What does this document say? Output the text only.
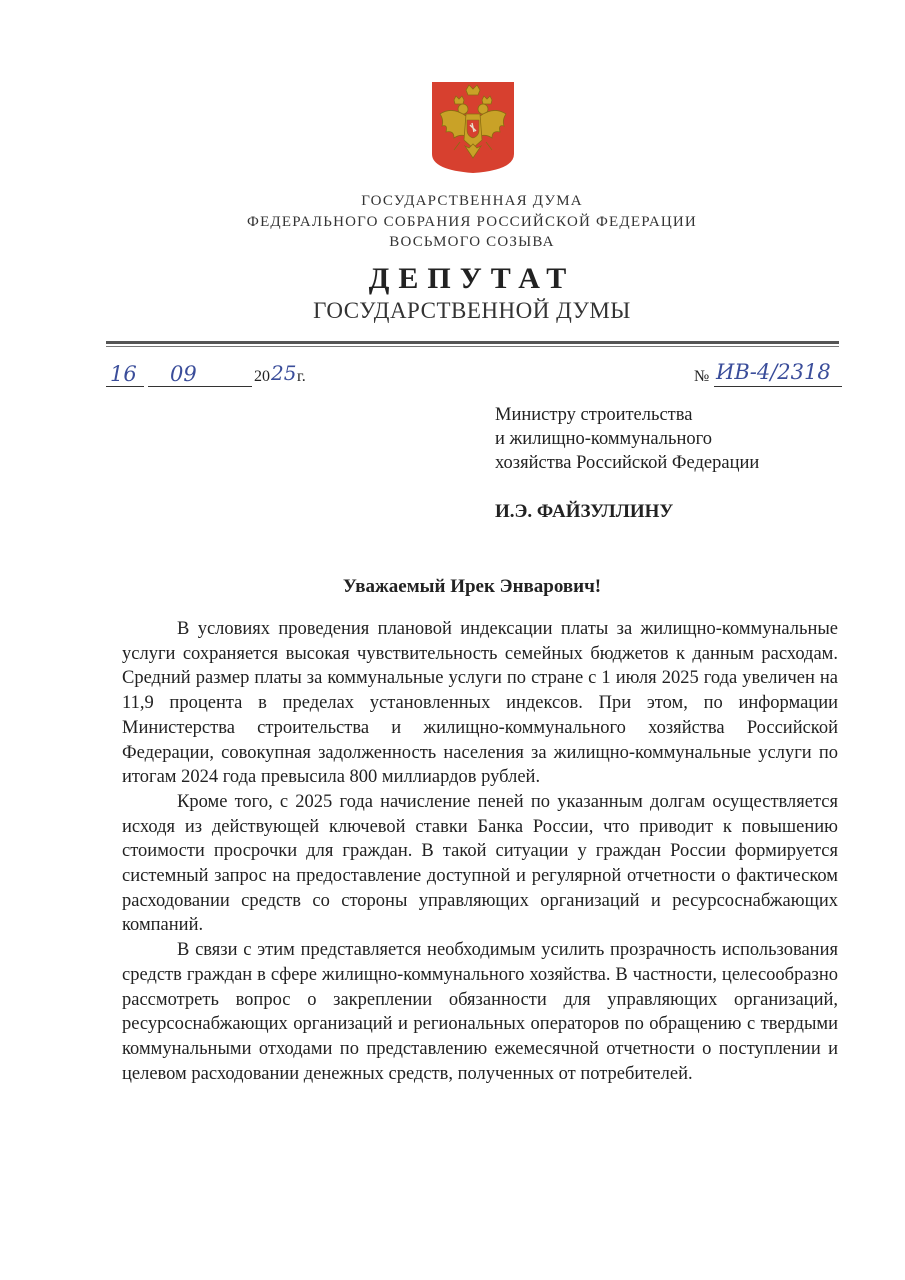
ГОСУДАРСТВЕННАЯ ДУМА
ФЕДЕРАЛЬНОГО СОБРАНИЯ РОССИЙСКОЙ ФЕДЕРАЦИИ
ВОСЬМОГО СОЗЫВА
ДЕПУТАТ
ГОСУДАРСТВЕННОЙ ДУМЫ
16 09	20 25 г.	№ ИВ-4/2318
Министру строительства
и жилищно-коммунального
хозяйства Российской Федерации
И.Э. ФАЙЗУЛЛИНУ
Уважаемый Ирек Энварович!

В условиях проведения плановой индексации платы за жилищно-коммунальные услуги сохраняется высокая чувствительность семейных бюджетов к данным расходам. Средний размер платы за коммунальные услуги по стране с 1 июля 2025 года увеличен на 11,9 процента в пределах установленных индексов. При этом, по информации Министерства строительства и жилищно-коммунального хозяйства Российской Федерации, совокупная задолженность населения за жилищно-коммунальные услуги по итогам 2024 года превысила 800 миллиардов рублей.

Кроме того, с 2025 года начисление пеней по указанным долгам осуществляется исходя из действующей ключевой ставки Банка России, что приводит к повышению стоимости просрочки для граждан. В такой ситуации у граждан России формируется системный запрос на предоставление доступной и регулярной отчетности о фактическом расходовании средств со стороны управляющих организаций и ресурсоснабжающих компаний.

В связи с этим представляется необходимым усилить прозрачность использования средств граждан в сфере жилищно-коммунального хозяйства. В частности, целесообразно рассмотреть вопрос о закреплении обязанности для управляющих организаций, ресурсоснабжающих организаций и региональных операторов по обращению с твердыми коммунальными отходами по представлению ежемесячной отчетности о поступлении и целевом расходовании денежных средств, полученных от потребителей.
